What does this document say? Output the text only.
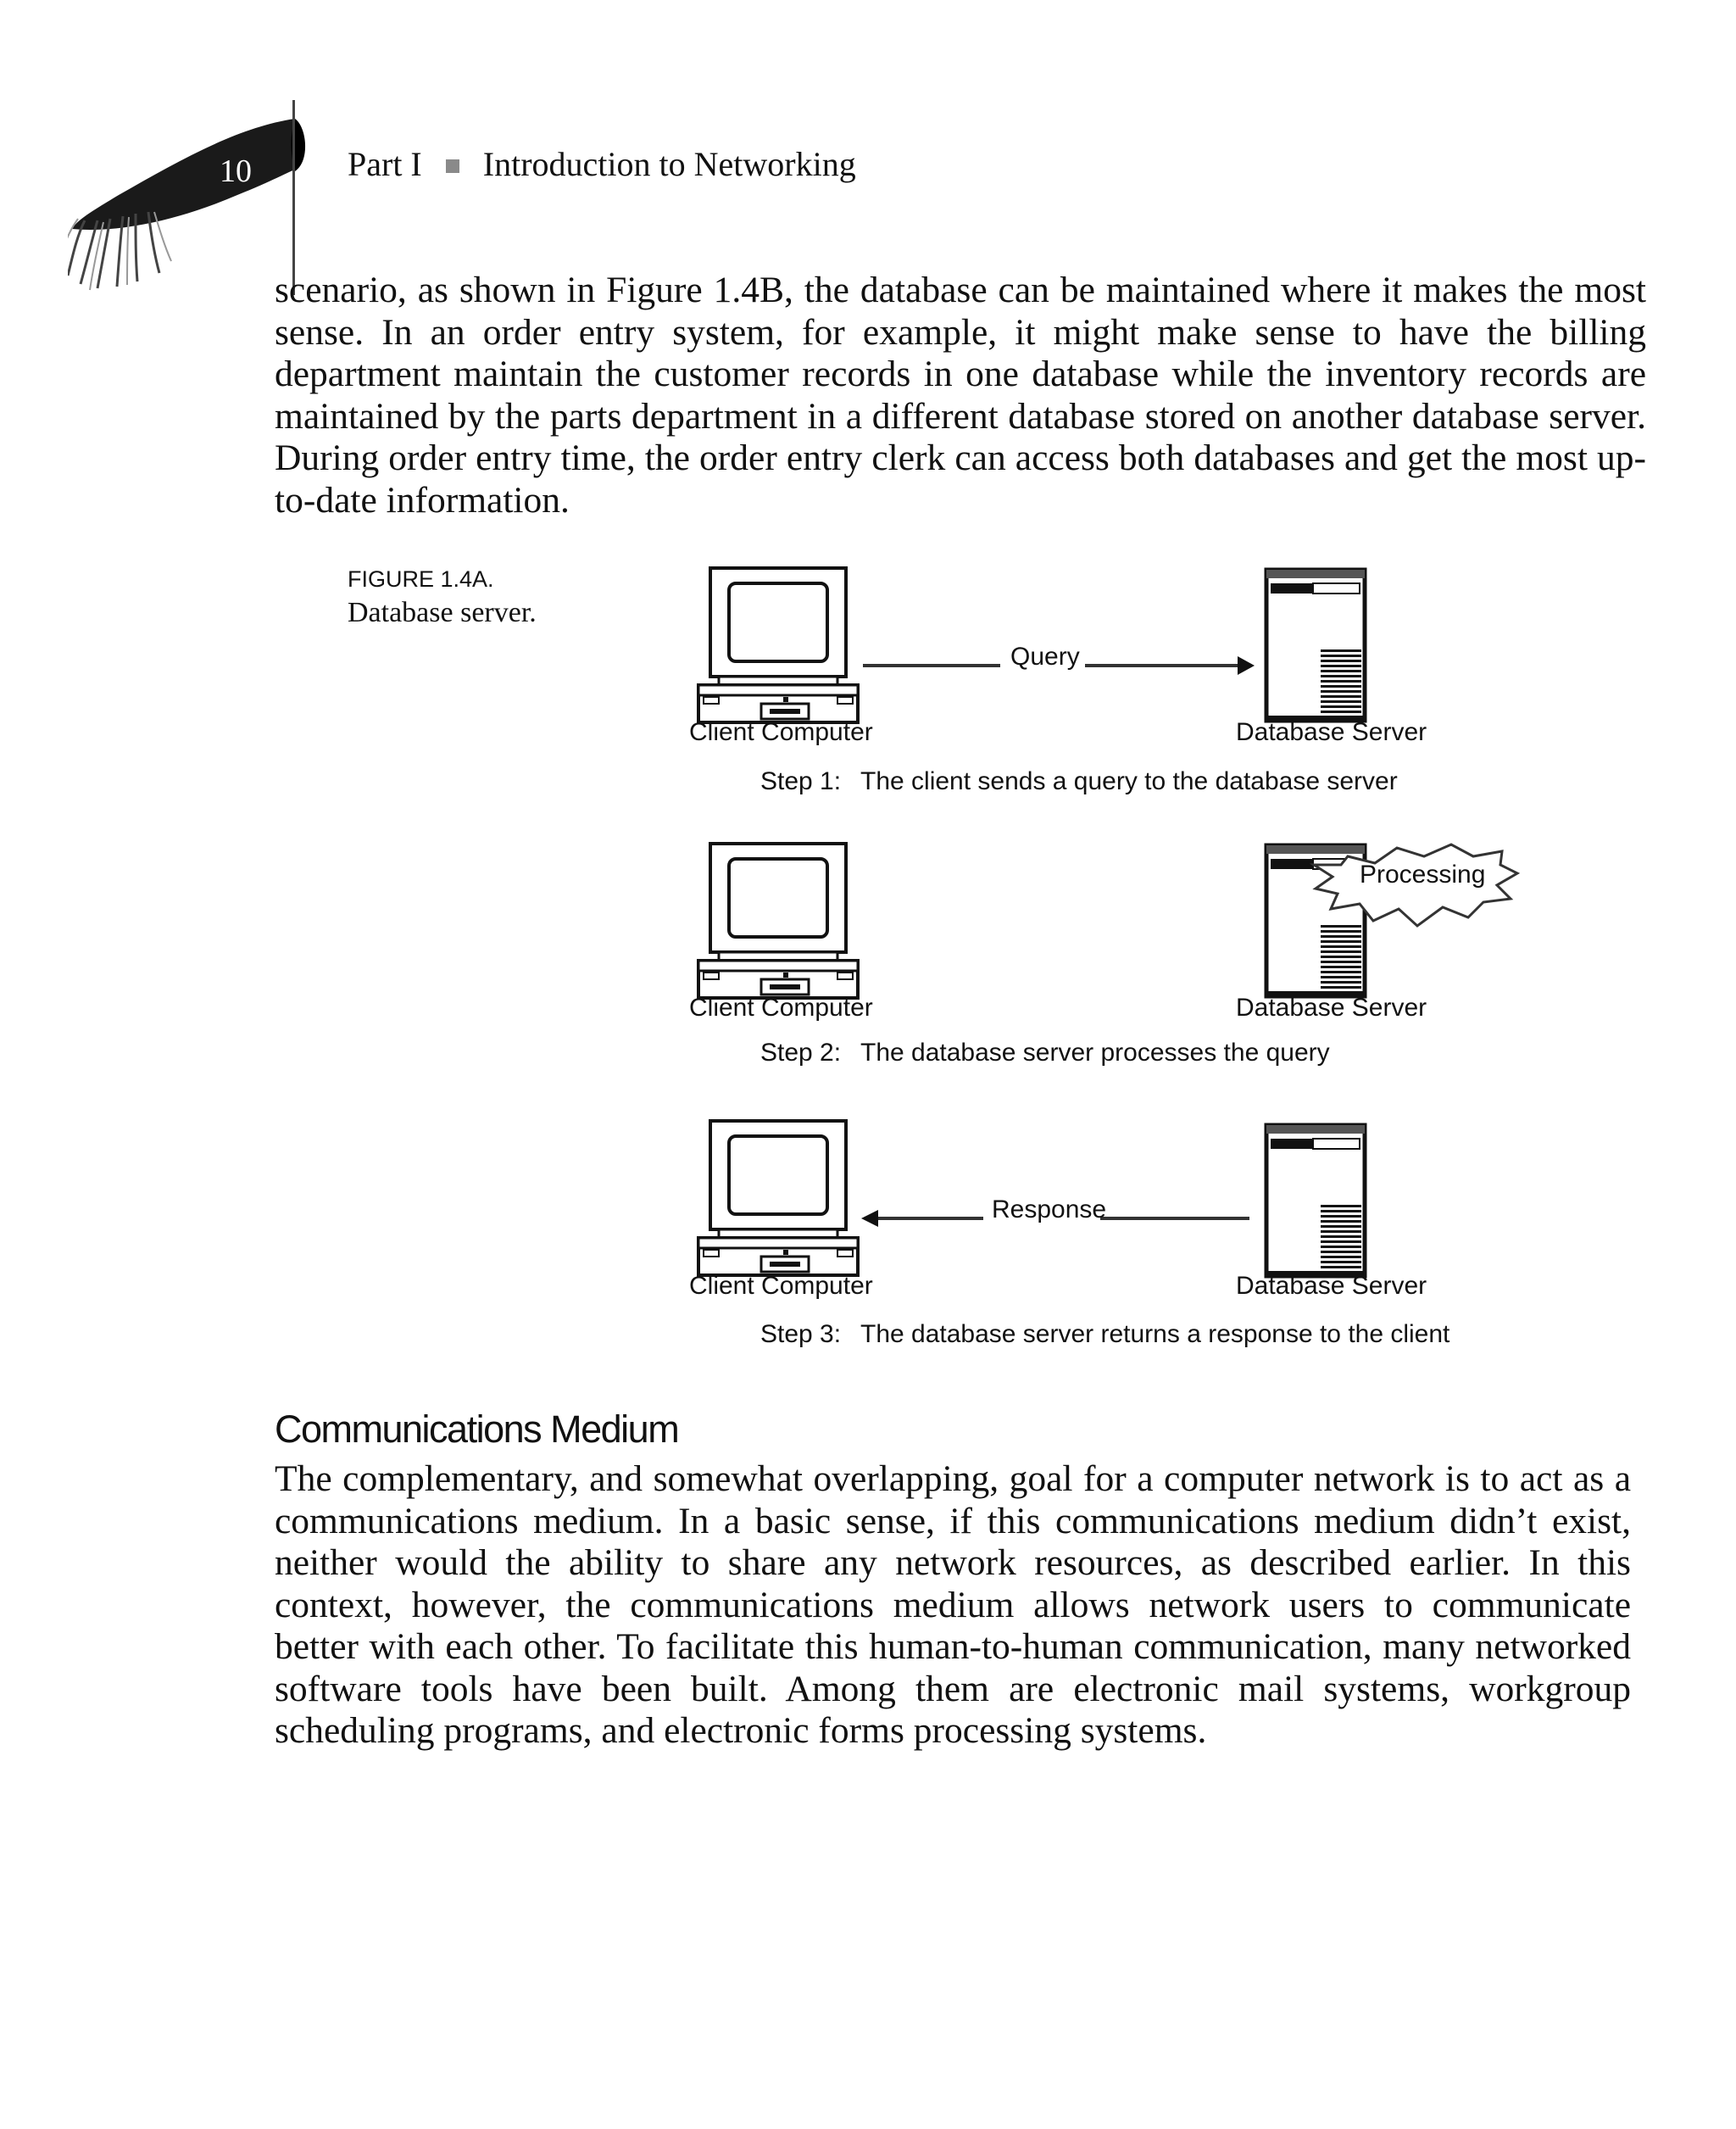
10	Part I Introduction to Networking

scenario, as shown in Figure 1.4B, the database can be maintained where it makes the most sense. In an order entry system, for example, it might make sense to have the billing department maintain the customer records in one database while the inventory records are maintained by the parts department in a different database stored on another database server. During order entry time, the order entry clerk can access both databases and get the most up-to-date information.

FIGURE 1.4A.
Database server.
Query
Client Computer	Database Server
Step 1: The client sends a query to the database server
Processing
Client Computer	Database Server
Step 2: The database server processes the query
Response
Client Computer	Database Server
Step 3: The database server returns a response to the client
Communications Medium

The complementary, and somewhat overlapping, goal for a computer network is to act as a communications medium. In a basic sense, if this communications medium didn’t exist, neither would the ability to share any network resources, as described earlier. In this context, however, the communications medium allows network users to communicate better with each other. To facilitate this human-to-human communication, many networked software tools have been built. Among them are electronic mail systems, workgroup scheduling programs, and electronic forms processing systems.
